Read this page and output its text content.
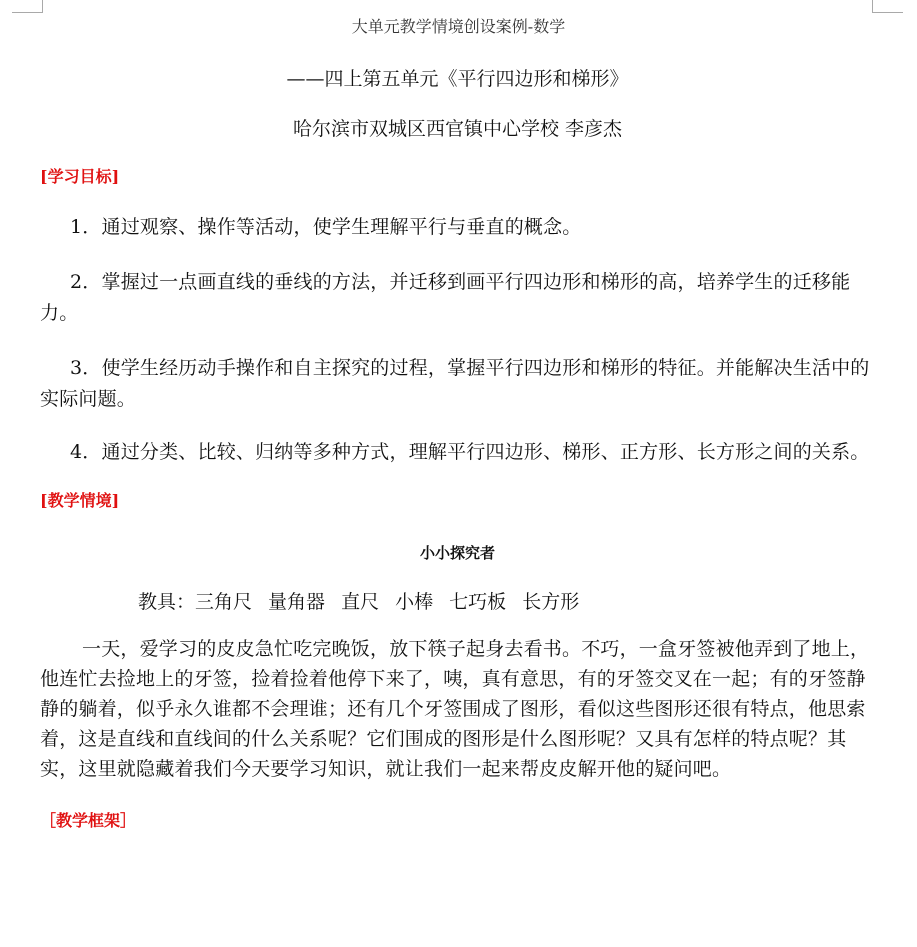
大单元教学情境创设案例-数学

——四上第五单元《平行四边形和梯形》

哈尔滨市双城区西官镇中心学校 李彦杰

[学习目标]

1．通过观察、操作等活动，使学生理解平行与垂直的概念。

2．掌握过一点画直线的垂线的方法，并迁移到画平行四边形和梯形的高，培养学生的迁移能力。

3．使学生经历动手操作和自主探究的过程，掌握平行四边形和梯形的特征。并能解决生活中的实际问题。

4．通过分类、比较、归纳等多种方式，理解平行四边形、梯形、正方形、长方形之间的关系。

[教学情境]

小小探究者

教具：三角尺 量角器 直尺 小棒 七巧板 长方形

一天，爱学习的皮皮急忙吃完晚饭，放下筷子起身去看书。不巧，一盒牙签被他弄到了地上，他连忙去捡地上的牙签，捡着捡着他停下来了，咦，真有意思，有的牙签交叉在一起；有的牙签静静的躺着，似乎永久谁都不会理谁；还有几个牙签围成了图形，看似这些图形还很有特点，他思索着，这是直线和直线间的什么关系呢？它们围成的图形是什么图形呢？又具有怎样的特点呢？其实，这里就隐藏着我们今天要学习知识，就让我们一起来帮皮皮解开他的疑问吧。

［教学框架］
